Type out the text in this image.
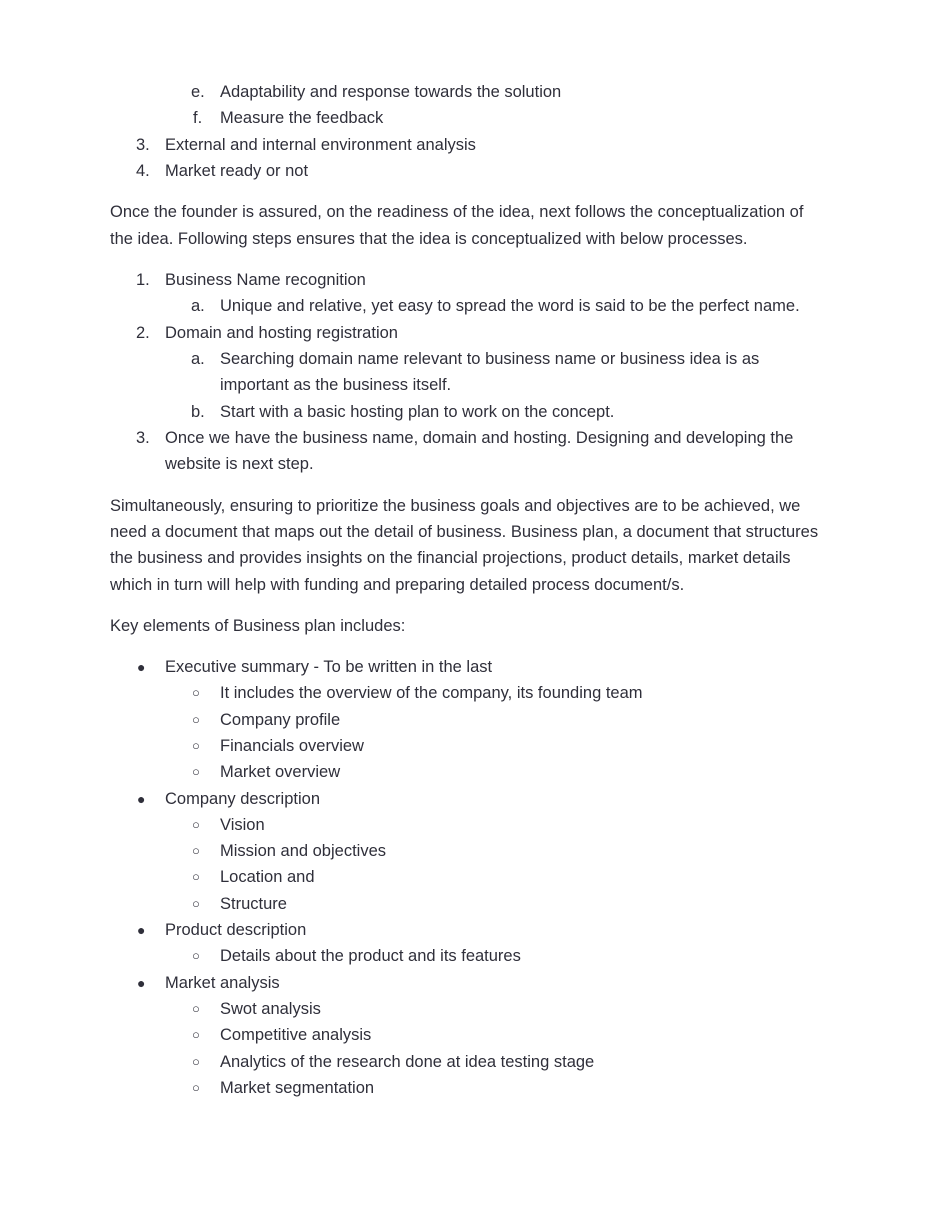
e. Adaptability and response towards the solution
f. Measure the feedback
3. External and internal environment analysis
4. Market ready or not
Once the founder is assured, on the readiness of the idea, next follows the conceptualization of
the idea. Following steps ensures that the idea is conceptualized with below processes.
1. Business Name recognition
a. Unique and relative, yet easy to spread the word is said to be the perfect name.
2. Domain and hosting registration
a. Searching domain name relevant to business name or business idea is as
important as the business itself.
b. Start with a basic hosting plan to work on the concept.
3. Once we have the business name, domain and hosting. Designing and developing the
website is next step.
Simultaneously, ensuring to prioritize the business goals and objectives are to be achieved, we
need a document that maps out the detail of business. Business plan, a document that structures
the business and provides insights on the financial projections, product details, market details
which in turn will help with funding and preparing detailed process document/s.
Key elements of Business plan includes:
● Executive summary - To be written in the last
○ It includes the overview of the company, its founding team
○ Company profile
○ Financials overview
○ Market overview
● Company description
○ Vision
○ Mission and objectives
○ Location and
○ Structure
● Product description
○ Details about the product and its features
● Market analysis
○ Swot analysis
○ Competitive analysis
○ Analytics of the research done at idea testing stage
○ Market segmentation
